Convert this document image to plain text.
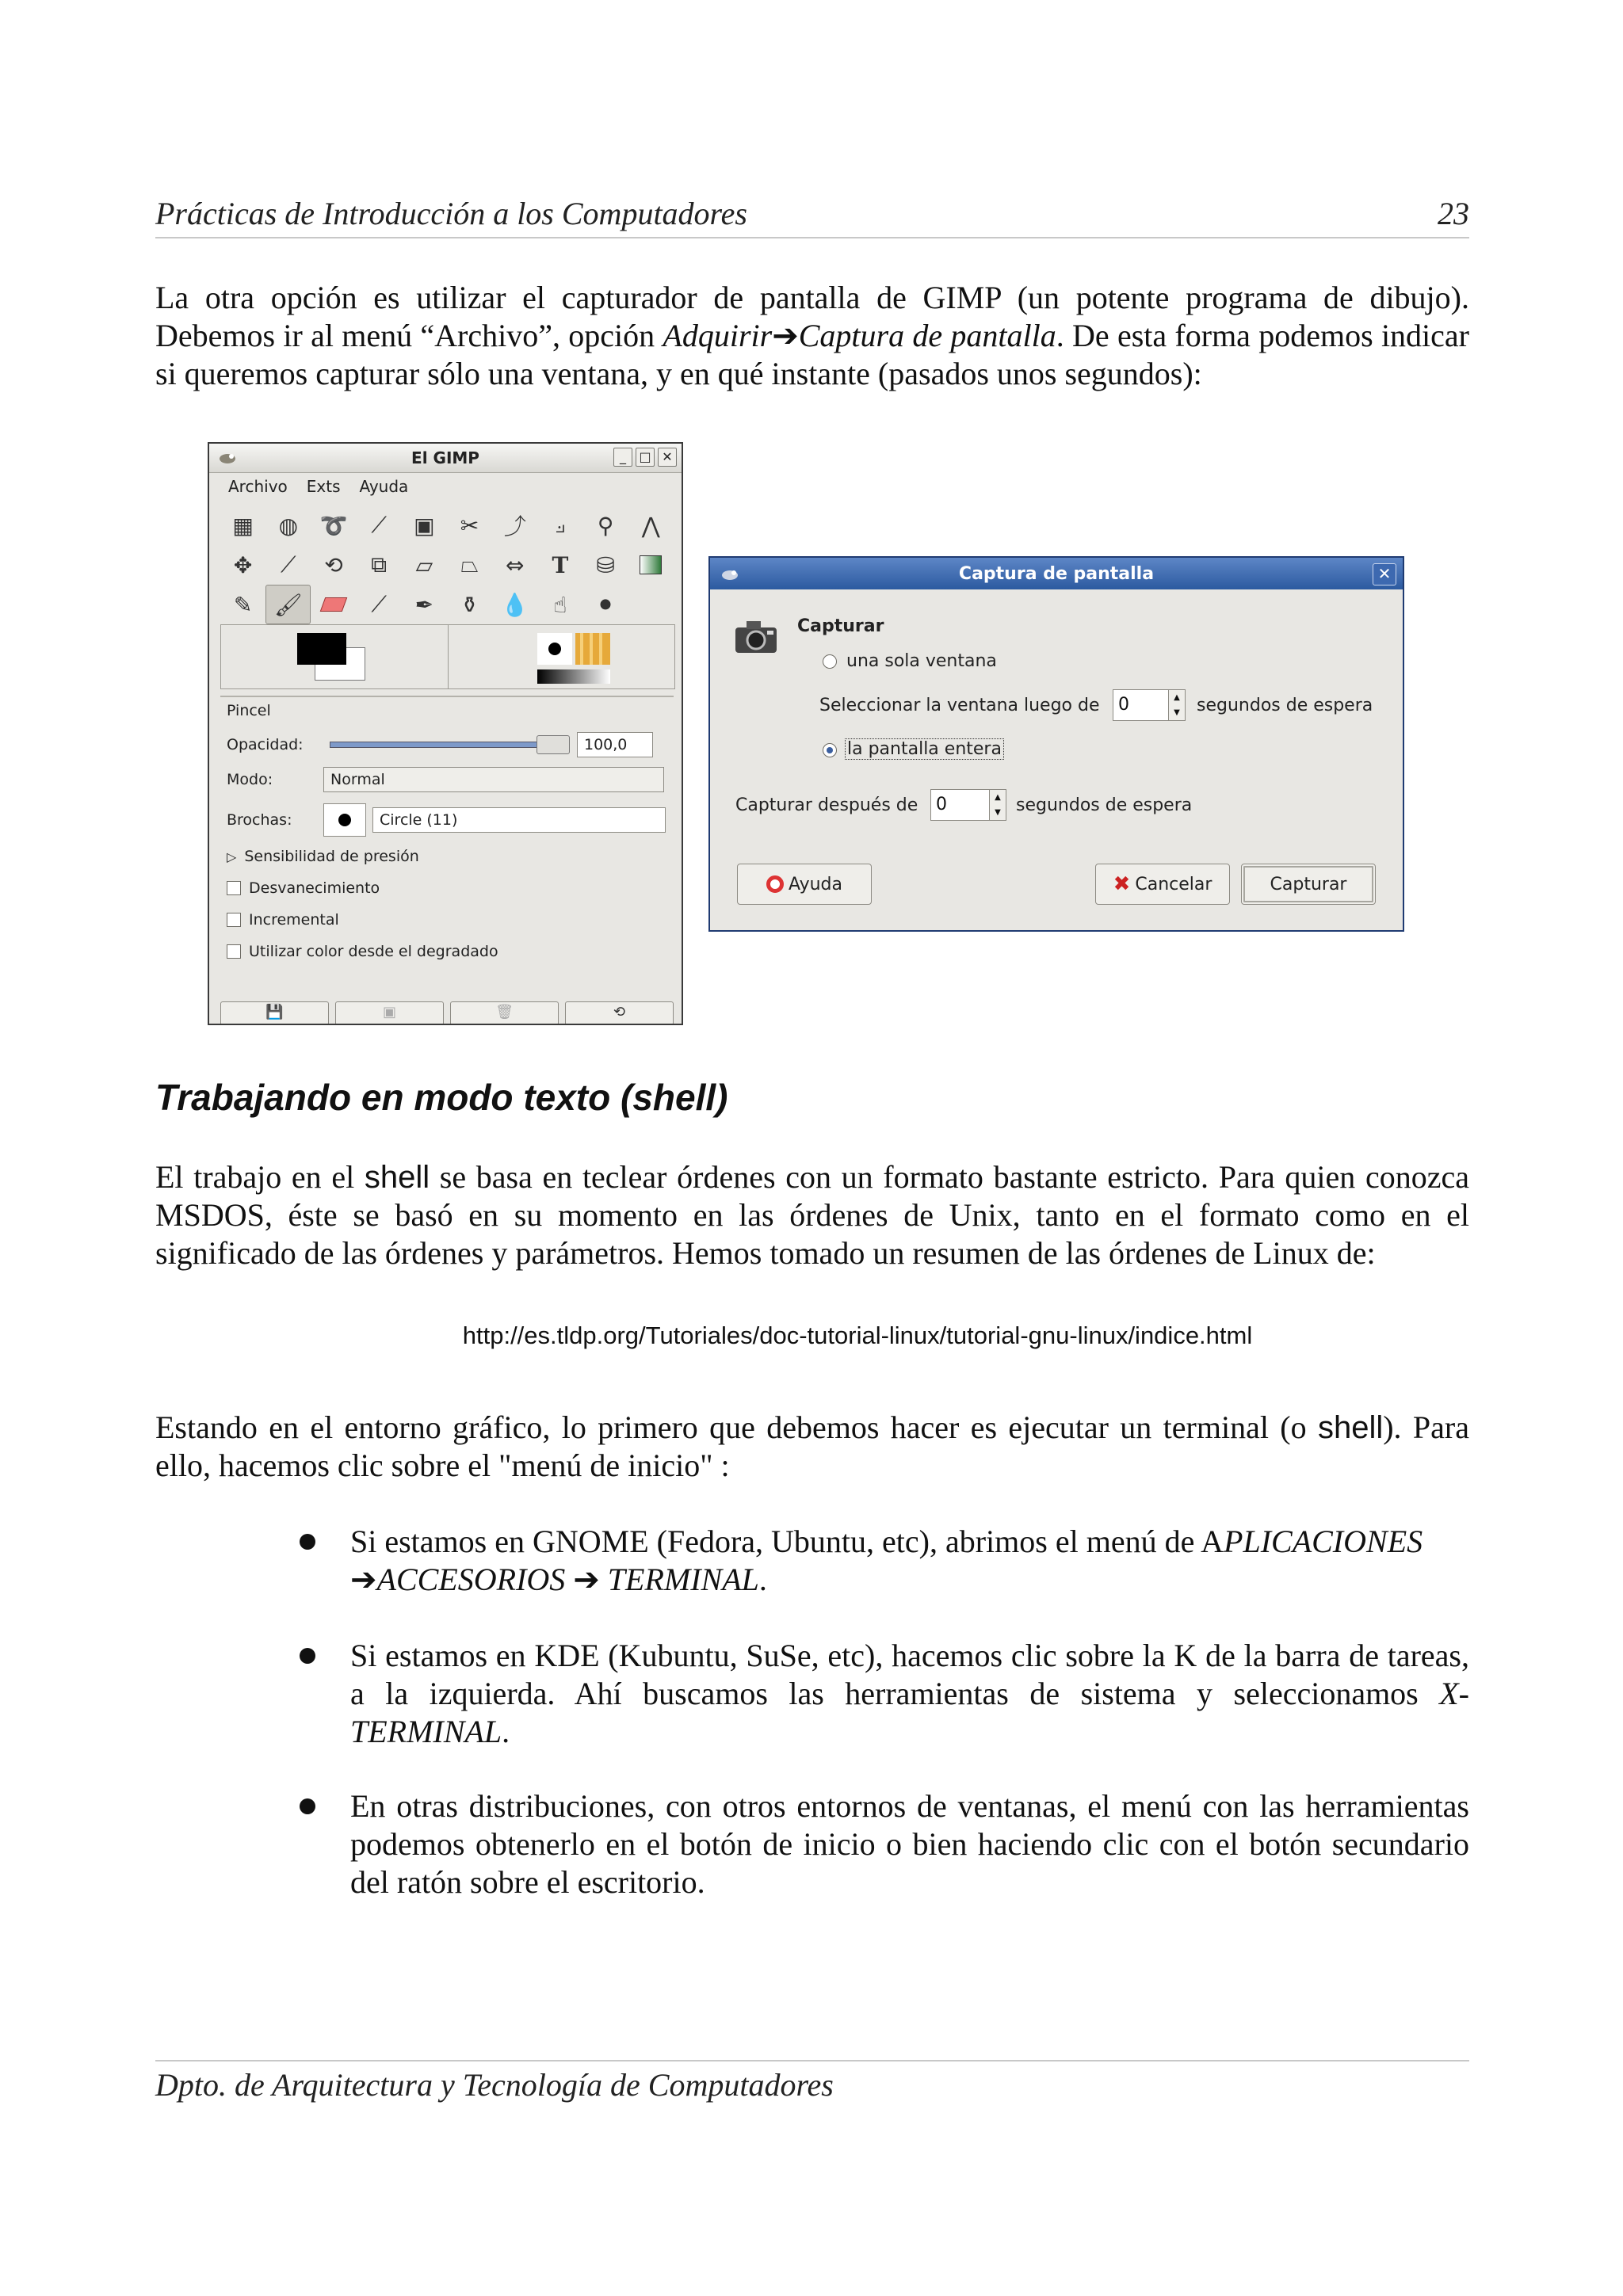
Prácticas de Introducción a los Computadores	23
La otra opción es utilizar el capturador de pantalla de GIMP (un potente programa de dibujo). Debemos ir al menú “Archivo”, opción Adquirir➔Captura de pantalla. De esta forma podemos indicar si queremos capturar sólo una ventana, y en qué instante (pasados unos segundos):
El GIMP	_	□ ✕
Archivo Exts Ayuda
▦	◍ ➰	⟋	▣	✂	⤴	⟓	⚲	⋀
✥	⟋	⟲	⧉	▱	⏢	⇔	T	⛁
✎ 🖌	⟋	✒	⚱	💧	☝	⚫
Pincel
Opacidad:	100,0
Modo:	Normal
Brochas:	Circle (11)
▷ Sensibilidad de presión
Desvanecimiento
Incremental
Utilizar color desde el degradado
💾	▣	🗑	⟲
Captura de pantalla	✕
Capturar
una sola ventana
Seleccionar la ventana luego de	0	▲
▼ segundos de espera
la pantalla entera
Capturar después de	0	▲
▼ segundos de espera
Ayuda	✖ Cancelar	Capturar
Trabajando en modo texto (shell)
El trabajo en el shell se basa en teclear órdenes con un formato bastante estricto. Para quien conozca MSDOS, éste se basó en su momento en las órdenes de Unix, tanto en el formato como en el significado de las órdenes y parámetros. Hemos tomado un resumen de las órdenes de Linux de:
http://es.tldp.org/Tutoriales/doc-tutorial-linux/tutorial-gnu-linux/indice.html
Estando en el entorno gráfico, lo primero que debemos hacer es ejecutar un terminal (o shell). Para ello, hacemos clic sobre el "menú de inicio" :
Si estamos en GNOME (Fedora, Ubuntu, etc), abrimos el menú de APLICACIONES
➔ACCESORIOS ➔ TERMINAL.
Si estamos en KDE (Kubuntu, SuSe, etc), hacemos clic sobre la K de la barra de tareas, a la izquierda. Ahí buscamos las herramientas de sistema y seleccionamos X-TERMINAL.
En otras distribuciones, con otros entornos de ventanas, el menú con las herramientas podemos obtenerlo en el botón de inicio o bien haciendo clic con el botón secundario del ratón sobre el escritorio.
Dpto. de Arquitectura y Tecnología de Computadores
